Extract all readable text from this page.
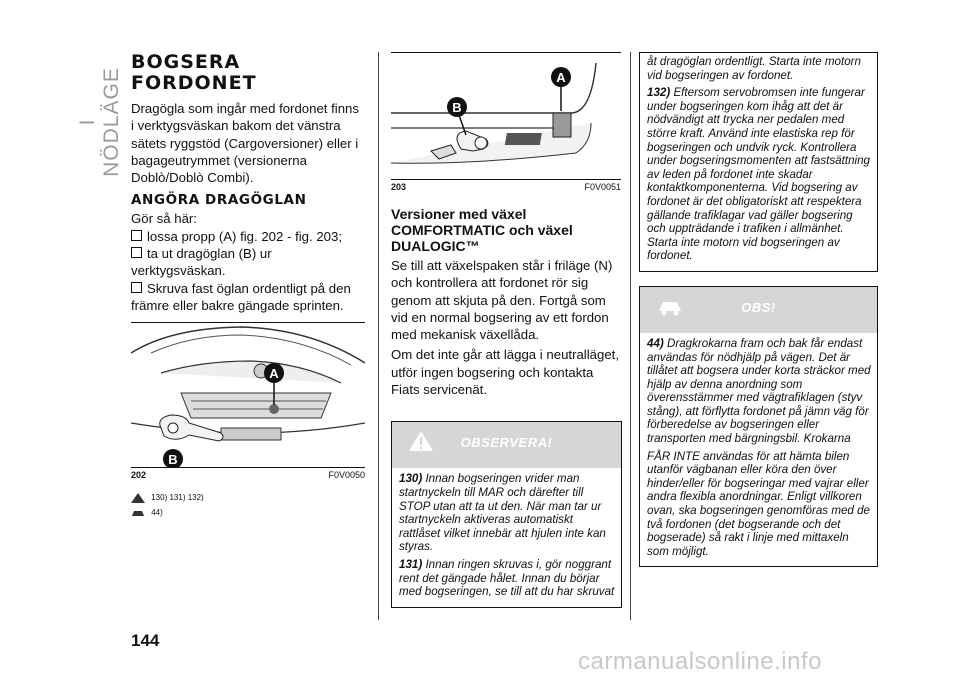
I NÖDLÄGE
BOGSERA
FORDONET

Dragögla som ingår med fordonet finns i verktygsväskan bakom det vänstra sätets ryggstöd (Cargoversioner) eller i bagageutrymmet (versionerna Doblò/Doblò Combi).

ANGÖRA DRAGÖGLAN

Gör så här:

lossa propp (A) fig. 202 - fig. 203;

ta ut dragöglan (B) ur verktygsväskan.

Skruva fast öglan ordentligt på den främre eller bakre gängade sprinten.

A
B
202	F0V0050
130) 131) 132)
44)
A
B
203	F0V0051
Versioner med växel COMFORTMATIC och växel DUALOGIC™

Se till att växelspaken står i friläge (N) och kontrollera att fordonet rör sig genom att skjuta på den. Fortgå som vid en normal bogsering av ett fordon med mekanisk växellåda.

Om det inte går att lägga i neutralläget, utför ingen bogsering och kontakta Fiats servicenät.

OBSERVERA!

130) Innan bogseringen vrider man startnyckeln till MAR och därefter till STOP utan att ta ut den. När man tar ur startnyckeln aktiveras automatiskt rattlåset vilket innebär att hjulen inte kan styras.

131) Innan ringen skruvas i, gör noggrant rent det gängade hålet. Innan du börjar med bogseringen, se till att du har skruvat

åt dragöglan ordentligt. Starta inte motorn vid bogseringen av fordonet.

132) Eftersom servobromsen inte fungerar under bogseringen kom ihåg att det är nödvändigt att trycka ner pedalen med större kraft. Använd inte elastiska rep för bogseringen och undvik ryck. Kontrollera under bogseringsmomenten att fastsättning av leden på fordonet inte skadar kontaktkomponenterna. Vid bogsering av fordonet är det obligatoriskt att respektera gällande trafiklagar vad gäller bogsering och uppträdande i trafiken i allmänhet. Starta inte motorn vid bogseringen av fordonet.

OBS!

44) Dragkrokarna fram och bak får endast användas för nödhjälp på vägen. Det är tillåtet att bogsera under korta sträckor med hjälp av denna anordning som överensstämmer med vägtrafiklagen (styv stång), att förflytta fordonet på jämn väg för förberedelse av bogseringen eller transporten med bärgningsbil. Krokarna

FÅR INTE användas för att hämta bilen utanför vägbanan eller köra den över hinder/eller för bogseringar med vajrar eller andra flexibla anordningar. Enligt villkoren ovan, ska bogseringen genomföras med de två fordonen (det bogserande och det bogserade) så rakt i linje med mittaxeln som möjligt.

144
carmanualsonline.info
